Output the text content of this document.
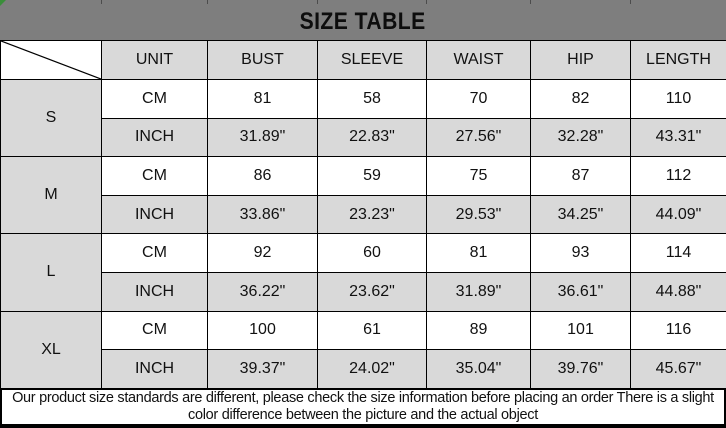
SIZE TABLE
	UNIT	BUST	SLEEVE	WAIST	HIP	LENGTH
S	CM	81	58	70	82	110
	INCH	31.89"	22.83"	27.56"	32.28"	43.31"
M	CM	86	59	75	87	112
	INCH	33.86"	23.23"	29.53"	34.25"	44.09"
L	CM	92	60	81	93	114
	INCH	36.22"	23.62"	31.89"	36.61"	44.88"
XL	CM	100	61	89	101	116
	INCH	39.37"	24.02"	35.04"	39.76"	45.67"
Our product size standards are different, please check the size information before placing an order There is a slight
color difference between the picture and the actual object
